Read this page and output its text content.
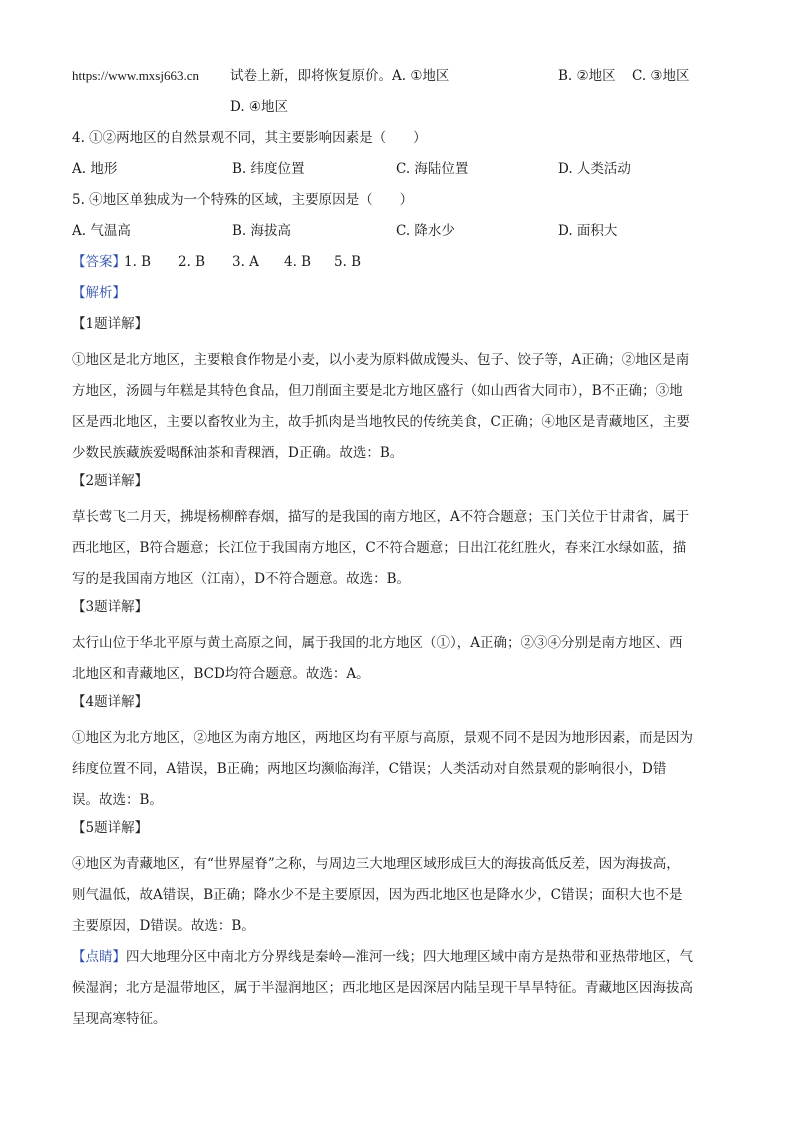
https://www.mxsj663.cn 试卷上新，即将恢复原价。A. ①地区	B. ②地区 C. ③地区
D. ④地区
4. ①②两地区的自然景观不同，其主要影响因素是（　　）
A. 地形	B. 纬度位置	C. 海陆位置	D. 人类活动
5. ④地区单独成为一个特殊的区域，主要原因是（　　）
A. 气温高	B. 海拔高	C. 降水少	D. 面积大
【答案】
1. B 2. B 3. A 4. B 5. B
【解析】
【1题详解】
①地区是北方地区，主要粮食作物是小麦，以小麦为原料做成馒头、包子、饺子等，A正确；②地区是南
方地区，汤圆与年糕是其特色食品，但刀削面主要是北方地区盛行（如山西省大同市），B不正确；③地
区是西北地区，主要以畜牧业为主，故手抓肉是当地牧民的传统美食，C正确；④地区是青藏地区，主要
少数民族藏族爱喝酥油茶和青稞酒，D正确。故选：B。
【2题详解】
草长莺飞二月天，拂堤杨柳醉春烟，描写的是我国的南方地区，A不符合题意；玉门关位于甘肃省，属于
西北地区，B符合题意；长江位于我国南方地区，C不符合题意；日出江花红胜火，春来江水绿如蓝，描
写的是我国南方地区（江南），D不符合题意。故选：B。
【3题详解】
太行山位于华北平原与黄土高原之间，属于我国的北方地区（①），A正确；②③④分别是南方地区、西
北地区和青藏地区，BCD均符合题意。故选：A。
【4题详解】
①地区为北方地区，②地区为南方地区，两地区均有平原与高原，景观不同不是因为地形因素，而是因为
纬度位置不同，A错误，B正确；两地区均濒临海洋，C错误；人类活动对自然景观的影响很小，D错
误。故选：B。
【5题详解】
④地区为青藏地区，有“世界屋脊”之称，与周边三大地理区域形成巨大的海拔高低反差，因为海拔高，
则气温低，故A错误，B正确；降水少不是主要原因，因为西北地区也是降水少，C错误；面积大也不是
主要原因，D错误。故选：B。
【点睛】四大地理分区中南北方分界线是秦岭—淮河一线；四大地理区域中南方是热带和亚热带地区，气
候湿润；北方是温带地区，属于半湿润地区；西北地区是因深居内陆呈现干旱旱特征。青藏地区因海拔高
呈现高寒特征。
